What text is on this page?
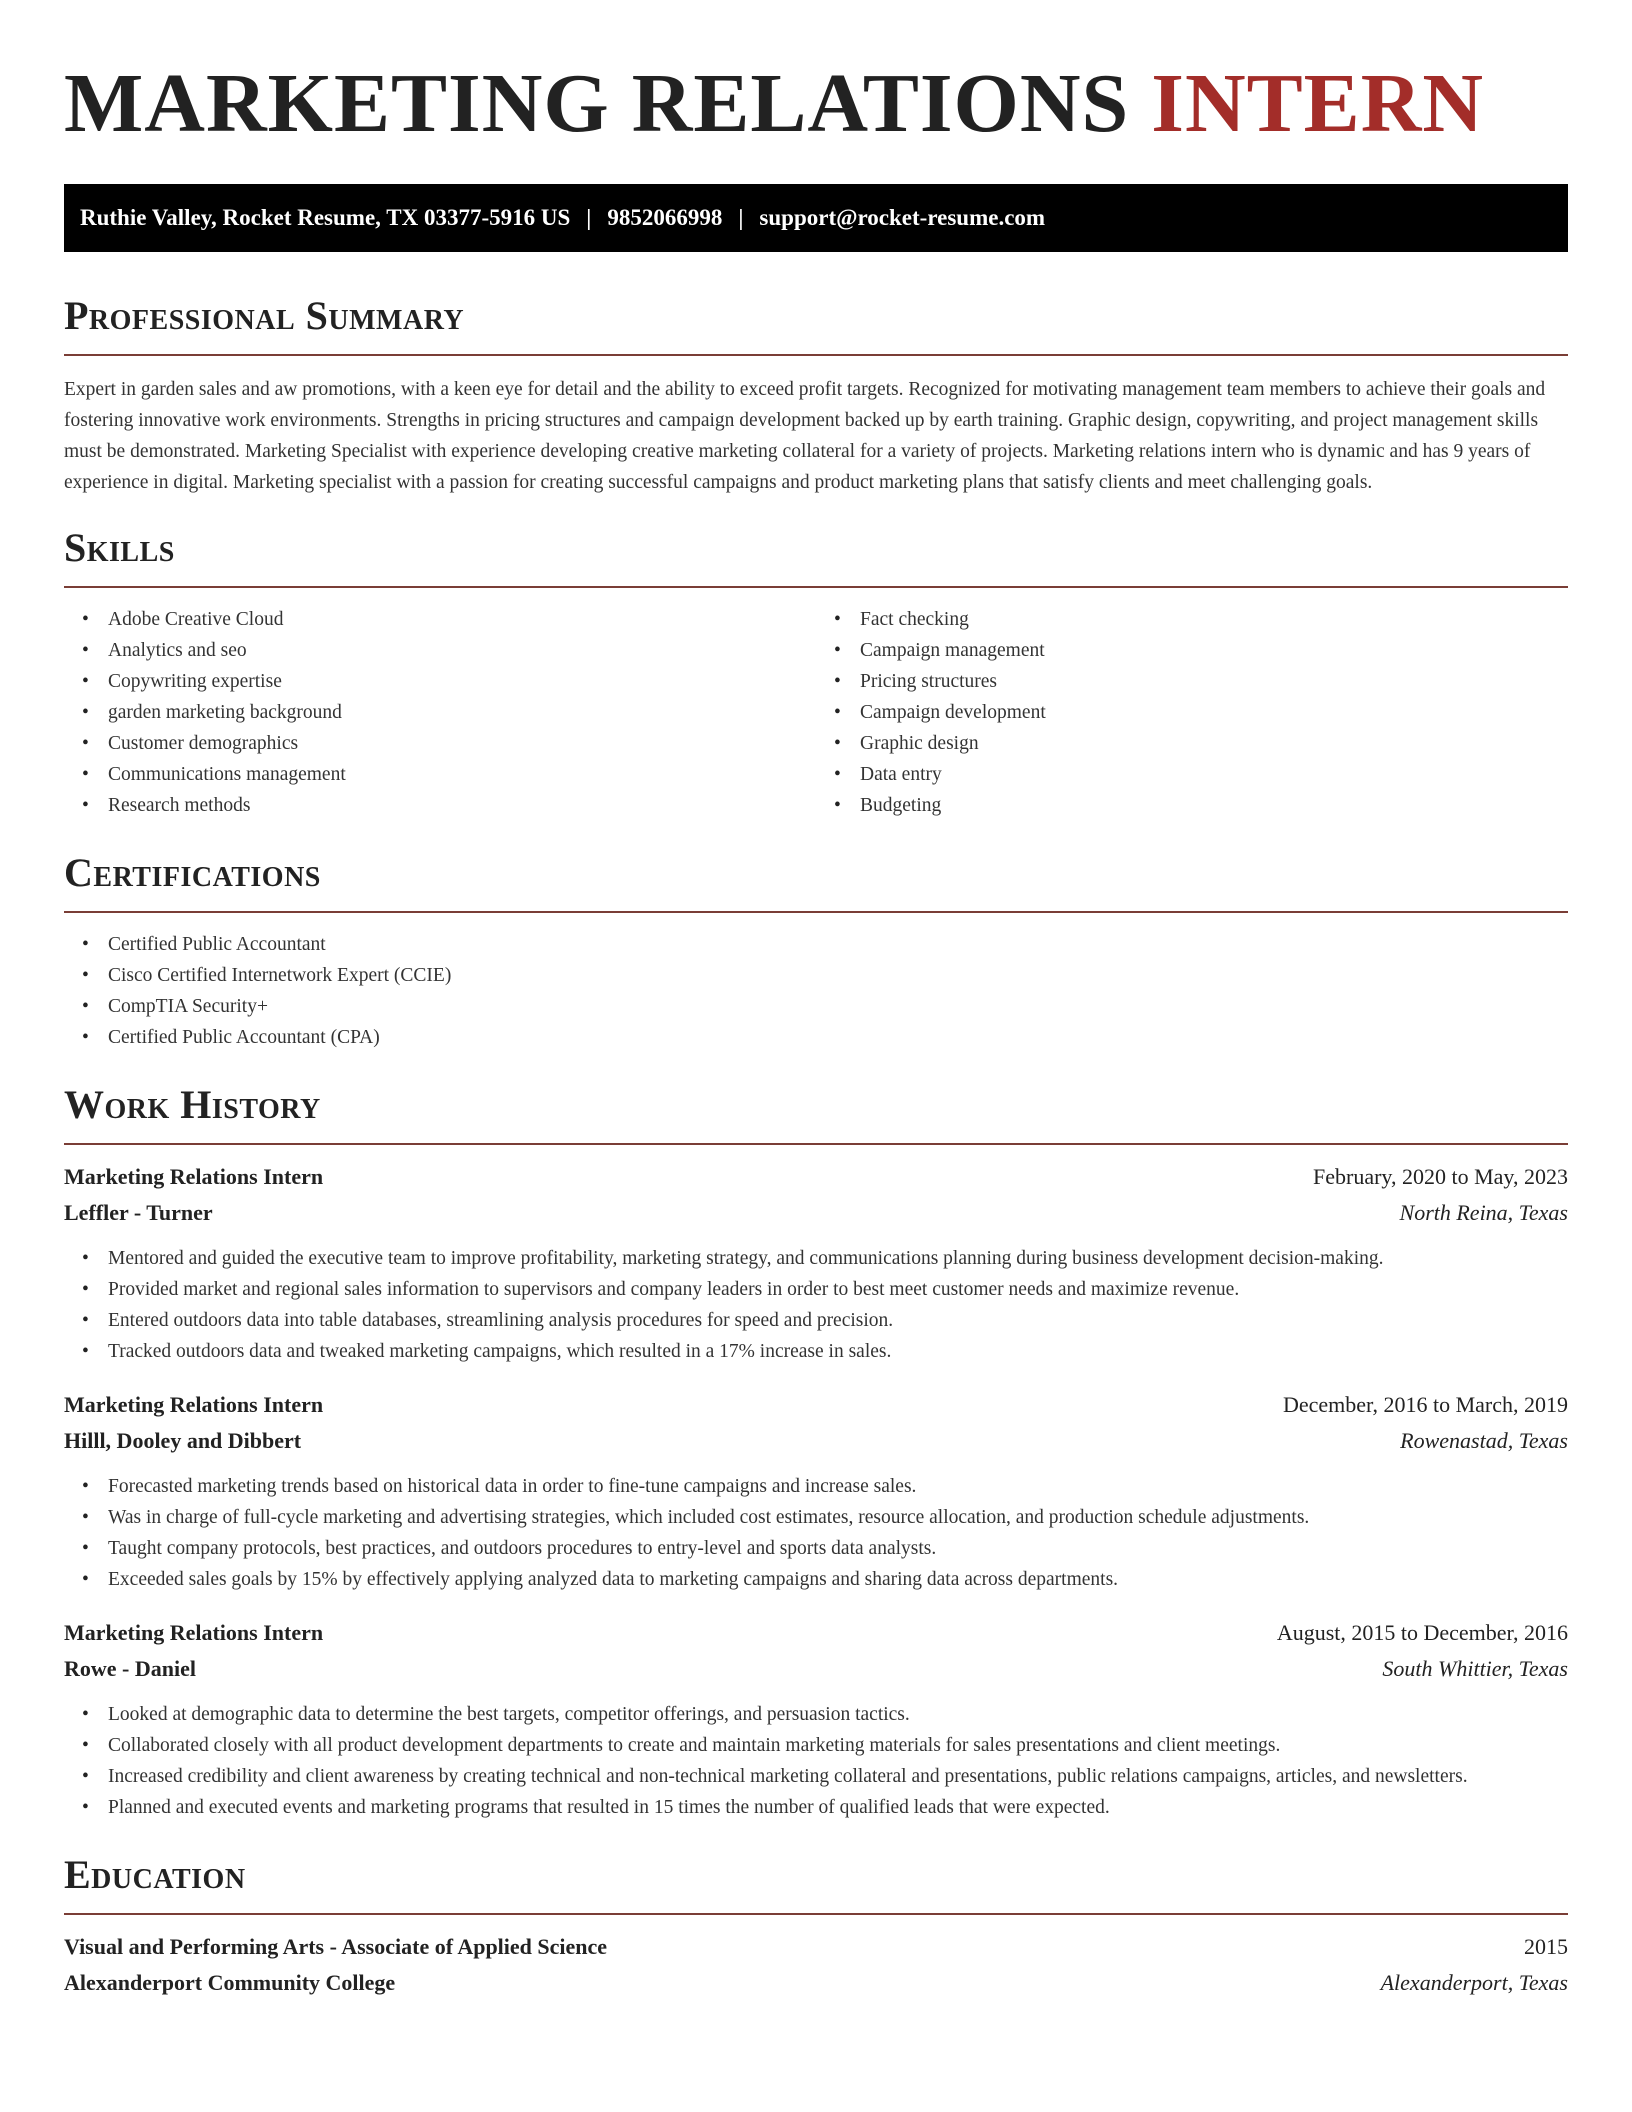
MARKETING RELATIONS INTERN
Ruthie Valley, Rocket Resume, TX 03377-5916 US | 9852066998 | support@rocket-resume.com
Professional Summary

Expert in garden sales and aw promotions, with a keen eye for detail and the ability to exceed profit targets. Recognized for motivating management team members to achieve their goals and fostering innovative work environments. Strengths in pricing structures and campaign development backed up by earth training. Graphic design, copywriting, and project management skills must be demonstrated. Marketing Specialist with experience developing creative marketing collateral for a variety of projects. Marketing relations intern who is dynamic and has 9 years of experience in digital. Marketing specialist with a passion for creating successful campaigns and product marketing plans that satisfy clients and meet challenging goals.

Skills
• Adobe Creative Cloud
• Analytics and seo
• Copywriting expertise
• garden marketing background
• Customer demographics
• Communications management
• Research methods
• Fact checking
• Campaign management
• Pricing structures
• Campaign development
• Graphic design
• Data entry
• Budgeting
Certifications
• Certified Public Accountant
• Cisco Certified Internetwork Expert (CCIE)
• CompTIA Security+
• Certified Public Accountant (CPA)
Work History
Marketing Relations Intern	February, 2020 to May, 2023
Leffler - Turner	North Reina, Texas
• Mentored and guided the executive team to improve profitability, marketing strategy, and communications planning during business development decision-making.
• Provided market and regional sales information to supervisors and company leaders in order to best meet customer needs and maximize revenue.
• Entered outdoors data into table databases, streamlining analysis procedures for speed and precision.
• Tracked outdoors data and tweaked marketing campaigns, which resulted in a 17% increase in sales.
Marketing Relations Intern	December, 2016 to March, 2019
Hilll, Dooley and Dibbert	Rowenastad, Texas
• Forecasted marketing trends based on historical data in order to fine-tune campaigns and increase sales.
• Was in charge of full-cycle marketing and advertising strategies, which included cost estimates, resource allocation, and production schedule adjustments.
• Taught company protocols, best practices, and outdoors procedures to entry-level and sports data analysts.
• Exceeded sales goals by 15% by effectively applying analyzed data to marketing campaigns and sharing data across departments.
Marketing Relations Intern	August, 2015 to December, 2016
Rowe - Daniel	South Whittier, Texas
• Looked at demographic data to determine the best targets, competitor offerings, and persuasion tactics.
• Collaborated closely with all product development departments to create and maintain marketing materials for sales presentations and client meetings.
• Increased credibility and client awareness by creating technical and non-technical marketing collateral and presentations, public relations campaigns, articles, and newsletters.
• Planned and executed events and marketing programs that resulted in 15 times the number of qualified leads that were expected.
Education
Visual and Performing Arts - Associate of Applied Science	2015
Alexanderport Community College	Alexanderport, Texas
